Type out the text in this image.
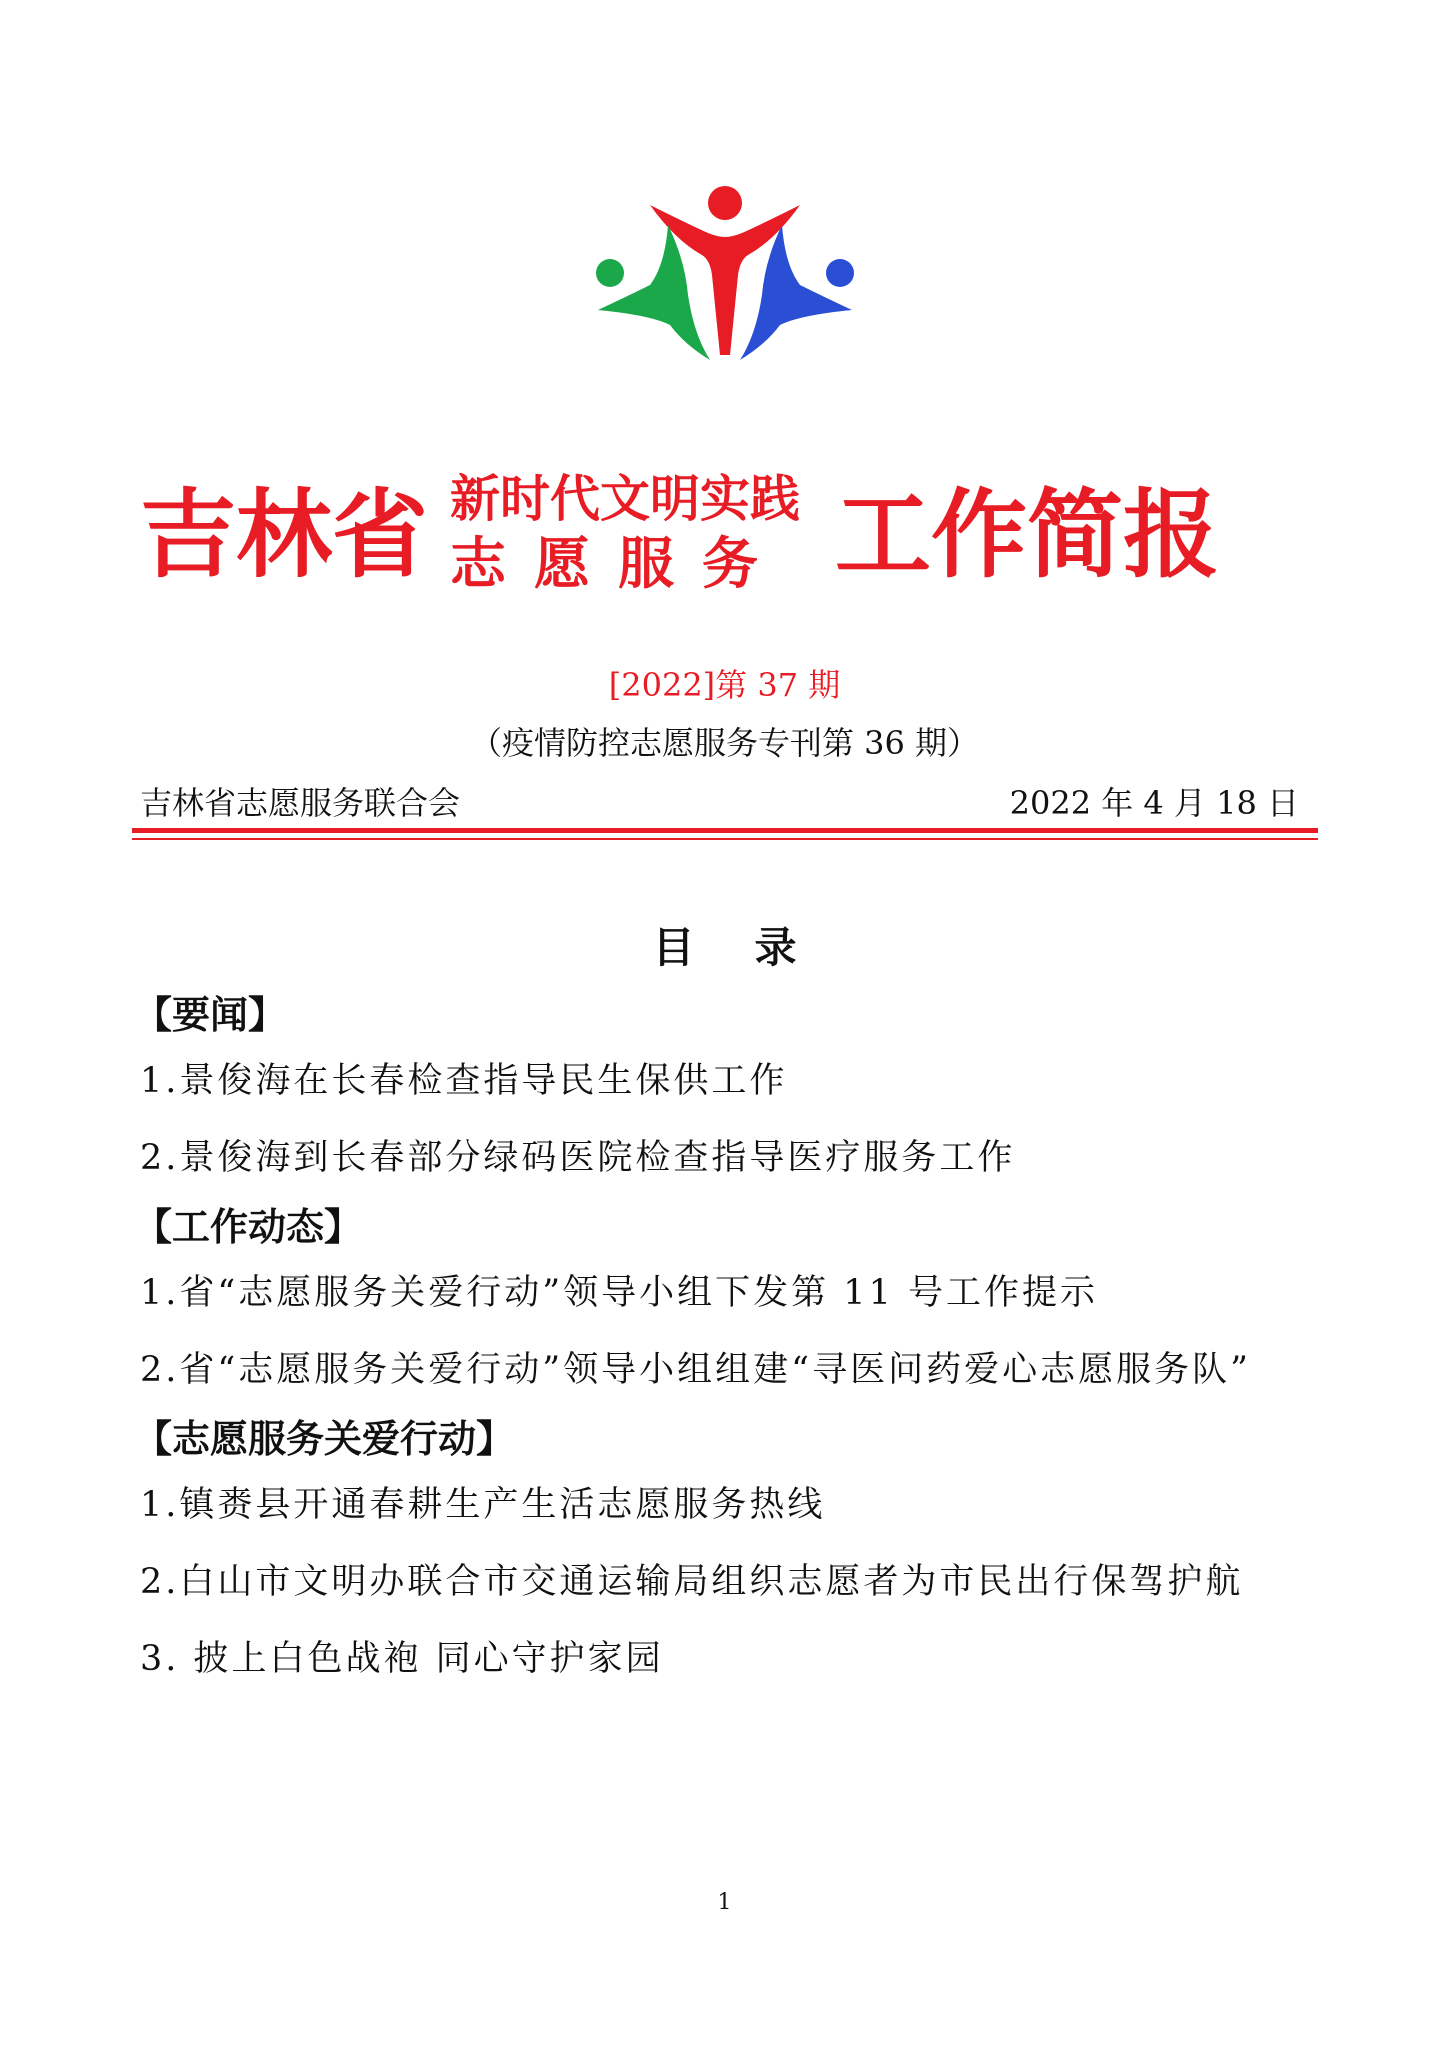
吉林省 新时代文明实践
志愿服务 工作简报
[2022]第 37 期
（疫情防控志愿服务专刊第 36 期）
吉林省志愿服务联合会	2022 年 4 月 18 日
目录
【要闻】
1.景俊海在长春检查指导民生保供工作
2.景俊海到长春部分绿码医院检查指导医疗服务工作
【工作动态】
1.省“志愿服务关爱行动”领导小组下发第 11 号工作提示
2.省“志愿服务关爱行动”领导小组组建“寻医问药爱心志愿服务队”
【志愿服务关爱行动】
1.镇赉县开通春耕生产生活志愿服务热线
2.白山市文明办联合市交通运输局组织志愿者为市民出行保驾护航
3. 披上白色战袍 同心守护家园
1
